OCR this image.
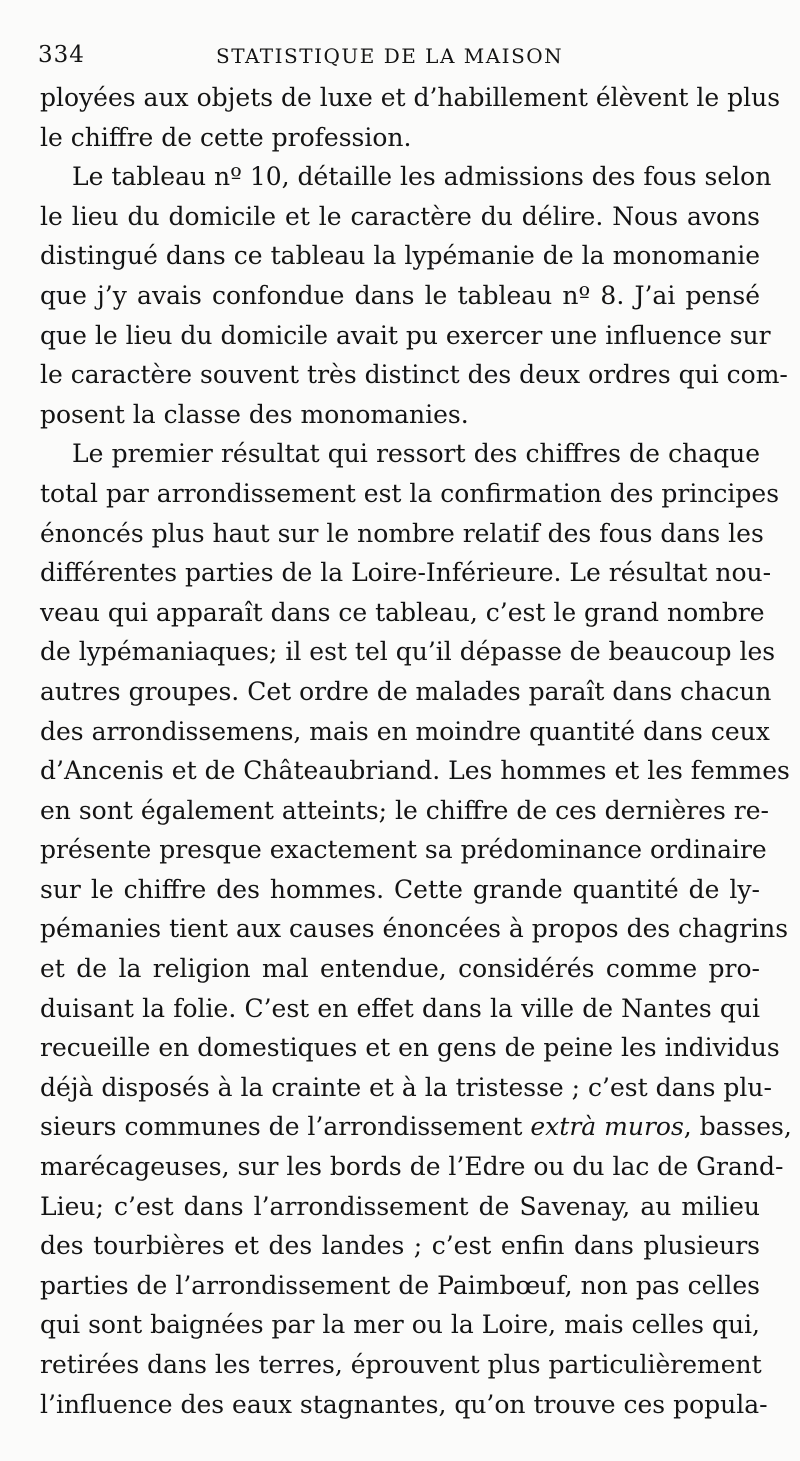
334	STATISTIQUE DE LA MAISON
ployées aux objets de luxe et d’habillement élèvent le plus
le chiffre de cette profession.
Le tableau nº 10, détaille les admissions des fous selon
le lieu du domicile et le caractère du délire. Nous avons
distingué dans ce tableau la lypémanie de la monomanie
que j’y avais confondue dans le tableau nº 8. J’ai pensé
que le lieu du domicile avait pu exercer une influence sur
le caractère souvent très distinct des deux ordres qui com-
posent la classe des monomanies.
Le premier résultat qui ressort des chiffres de chaque
total par arrondissement est la confirmation des principes
énoncés plus haut sur le nombre relatif des fous dans les
différentes parties de la Loire-Inférieure. Le résultat nou-
veau qui apparaît dans ce tableau, c’est le grand nombre
de lypémaniaques; il est tel qu’il dépasse de beaucoup les
autres groupes. Cet ordre de malades paraît dans chacun
des arrondissemens, mais en moindre quantité dans ceux
d’Ancenis et de Châteaubriand. Les hommes et les femmes
en sont également atteints; le chiffre de ces dernières re-
présente presque exactement sa prédominance ordinaire
sur le chiffre des hommes. Cette grande quantité de ly-
pémanies tient aux causes énoncées à propos des chagrins
et de la religion mal entendue, considérés comme pro-
duisant la folie. C’est en effet dans la ville de Nantes qui
recueille en domestiques et en gens de peine les individus
déjà disposés à la crainte et à la tristesse ; c’est dans plu-
sieurs communes de l’arrondissement extrà muros, basses,
marécageuses, sur les bords de l’Edre ou du lac de Grand-
Lieu; c’est dans l’arrondissement de Savenay, au milieu
des tourbières et des landes ; c’est enfin dans plusieurs
parties de l’arrondissement de Paimbœuf, non pas celles
qui sont baignées par la mer ou la Loire, mais celles qui,
retirées dans les terres, éprouvent plus particulièrement
l’influence des eaux stagnantes, qu’on trouve ces popula-
